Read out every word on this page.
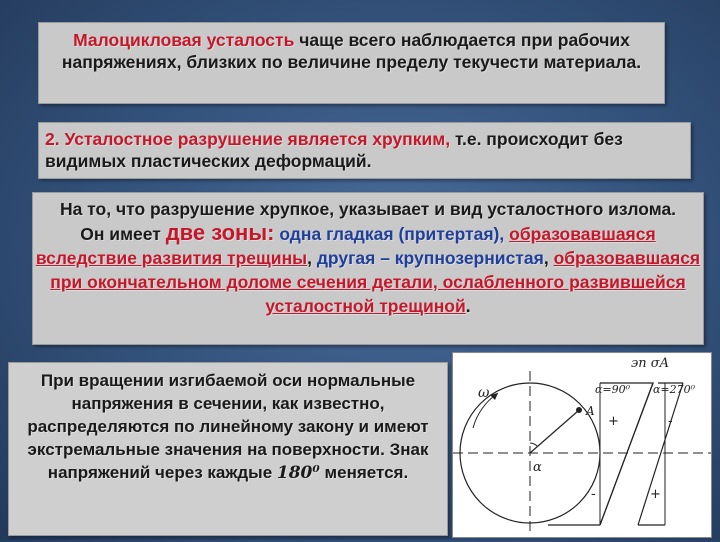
Малоцикловая усталость чаще всего наблюдается при рабочих напряжениях, близких по величине пределу текучести материала.
2. Усталостное разрушение является хрупким, т.е. происходит без видимых пластических деформаций.
На то, что разрушение хрупкое, указывает и вид усталостного излома.
Он имеет две зоны: одна гладкая (притертая), образовавшаяся вследствие развития трещины, другая – крупнозернистая, образовавшаяся при окончательном доломе сечения детали, ослабленного развившейся усталостной трещиной.
При вращении изгибаемой оси нормальные напряжения в сечении, как известно, распределяются по линейному закону и имеют экстремальные значения на поверхности. Знак напряжений через каждые 180⁰ меняется.
ω
A
α
эп σA
α=90⁰ α=270⁰
+	-
-	+
